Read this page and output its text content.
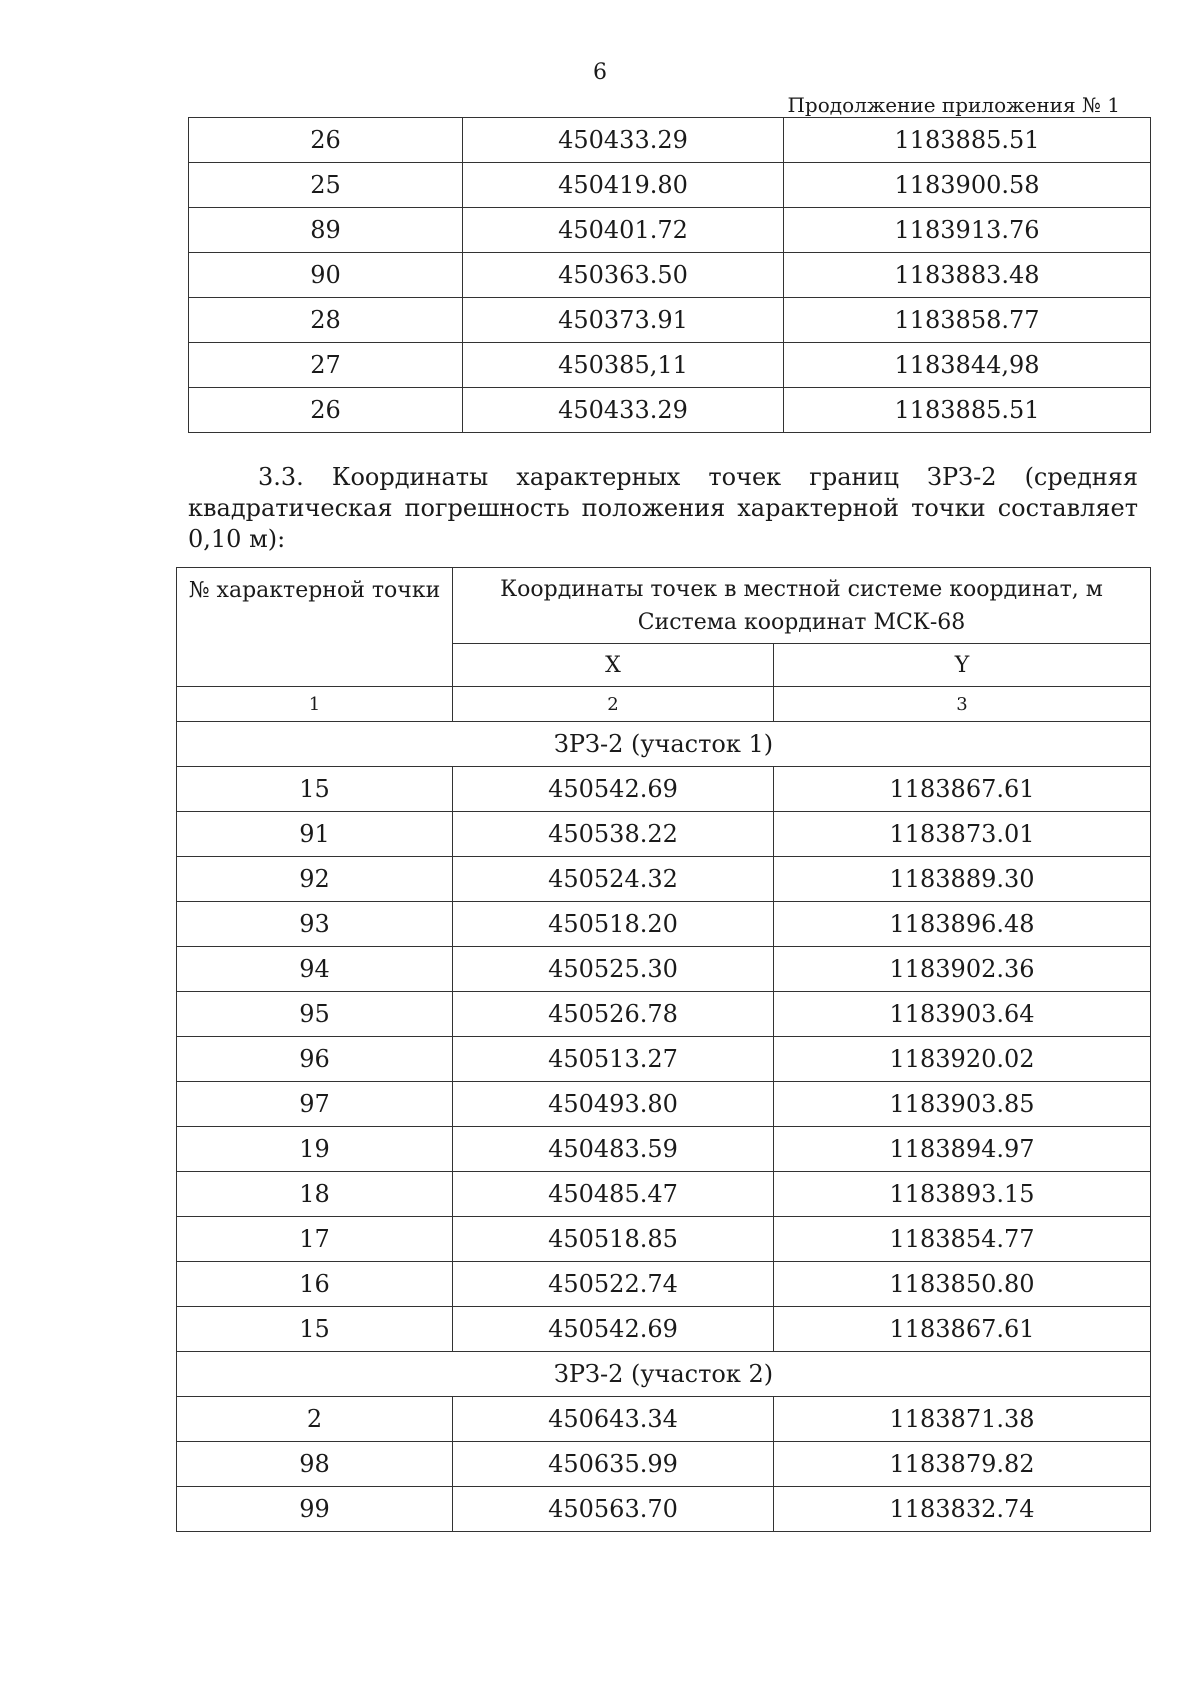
6
Продолжение приложения № 1
26	450433.29	1183885.51
25	450419.80	1183900.58
89	450401.72	1183913.76
90	450363.50	1183883.48
28	450373.91	1183858.77
27	450385,11	1183844,98
26	450433.29	1183885.51
3.3. Координаты характерных точек границ ЗРЗ-2 (средняя квадратическая погрешность положения характерной точки составляет 0,10 м):
№ характерной точки	Координаты точек в местной системе координат, м
Система координат МСК-68	
	X	Y
1	2	3
ЗРЗ-2 (участок 1)		
15	450542.69	1183867.61
91	450538.22	1183873.01
92	450524.32	1183889.30
93	450518.20	1183896.48
94	450525.30	1183902.36
95	450526.78	1183903.64
96	450513.27	1183920.02
97	450493.80	1183903.85
19	450483.59	1183894.97
18	450485.47	1183893.15
17	450518.85	1183854.77
16	450522.74	1183850.80
15	450542.69	1183867.61
ЗРЗ-2 (участок 2)		
2	450643.34	1183871.38
98	450635.99	1183879.82
99	450563.70	1183832.74
